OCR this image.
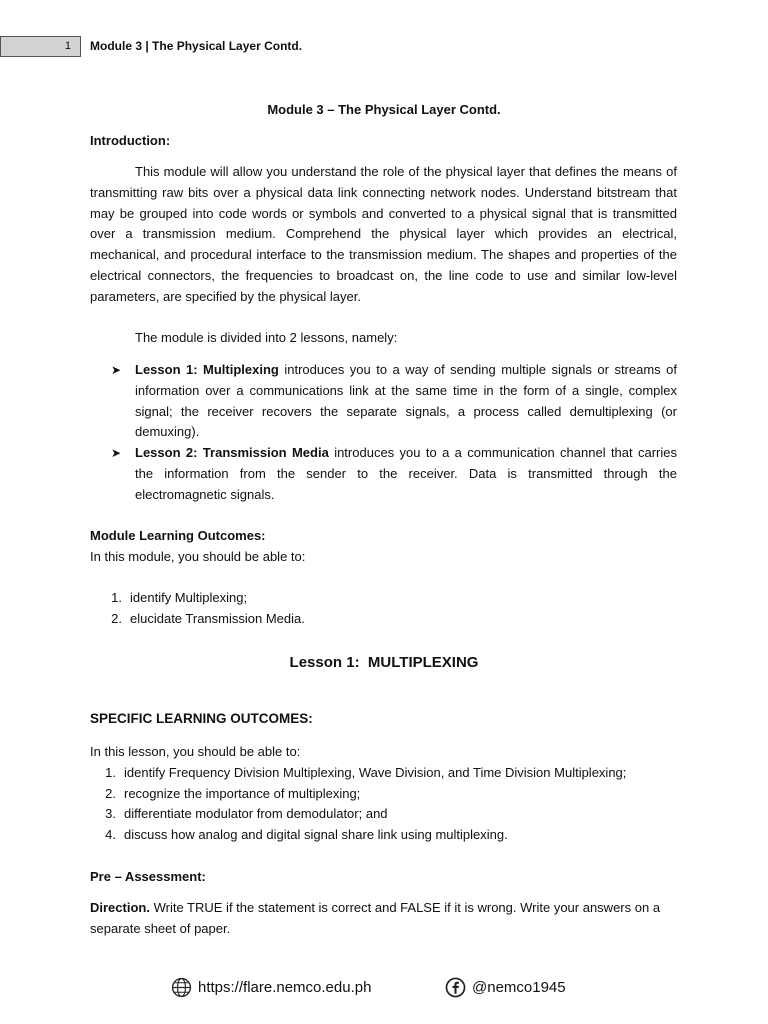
1 Module 3 | The Physical Layer Contd.
Module 3 – The Physical Layer Contd.
Introduction:
This module will allow you understand the role of the physical layer that defines the means of transmitting raw bits over a physical data link connecting network nodes. Understand bitstream that may be grouped into code words or symbols and converted to a physical signal that is transmitted over a transmission medium. Comprehend the physical layer which provides an electrical, mechanical, and procedural interface to the transmission medium. The shapes and properties of the electrical connectors, the frequencies to broadcast on, the line code to use and similar low-level parameters, are specified by the physical layer.
The module is divided into 2 lessons, namely:
➤ Lesson 1: Multiplexing introduces you to a way of sending multiple signals or streams of information over a communications link at the same time in the form of a single, complex signal; the receiver recovers the separate signals, a process called demultiplexing (or demuxing).
➤ Lesson 2: Transmission Media introduces you to a a communication channel that carries the information from the sender to the receiver. Data is transmitted through the electromagnetic signals.
Module Learning Outcomes:
In this module, you should be able to:
1. identify Multiplexing;
2. elucidate Transmission Media.
Lesson 1:  MULTIPLEXING
SPECIFIC LEARNING OUTCOMES:
In this lesson, you should be able to:
1. identify Frequency Division Multiplexing, Wave Division, and Time Division Multiplexing;
2. recognize the importance of multiplexing;
3. differentiate modulator from demodulator; and
4. discuss how analog and digital signal share link using multiplexing.
Pre – Assessment:
Direction. Write TRUE if the statement is correct and FALSE if it is wrong. Write your answers on a separate sheet of paper.
https://flare.nemco.edu.ph	@nemco1945
